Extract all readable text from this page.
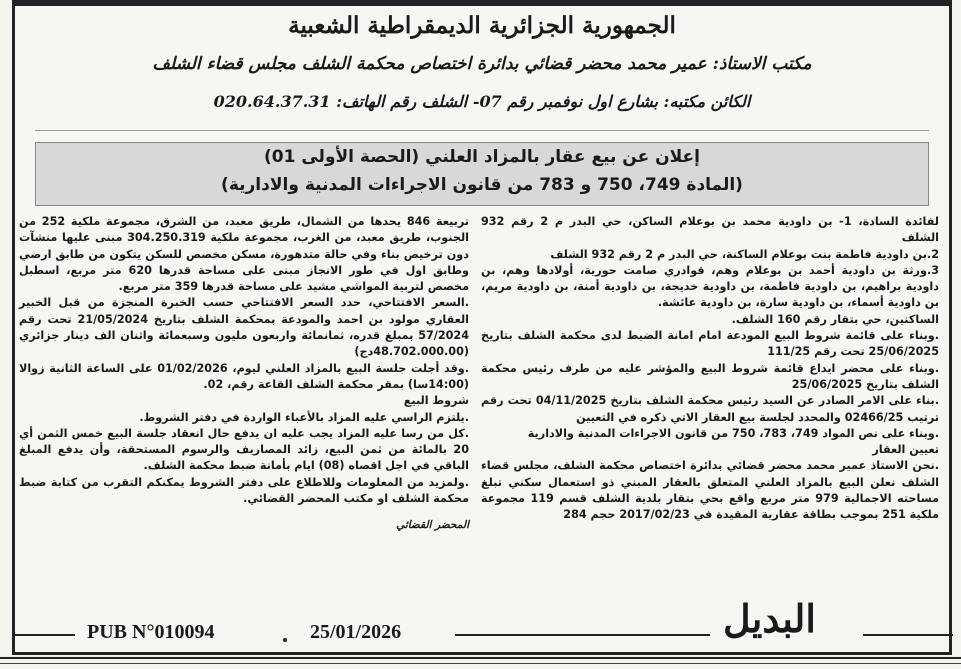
الجمهورية الجزائرية الديمقراطية الشعبية
مكتب الاستاذ: عمير محمد محضر قضائي بدائرة اختصاص محكمة الشلف مجلس قضاء الشلف
الكائن مكتبه: بشارع اول نوفمبر رقم 07- الشلف رقم الهاتف: 020.64.37.31
إعلان عن بيع عقار بالمزاد العلني (الحصة الأولى 01)
(المادة 749، 750 و 783 من قانون الاجراءات المدنية والادارية)

لفائدة السادة، 1- بن داودية محمد بن بوعلام الساكن، حي البدر م 2 رقم 932 الشلف

2.بن داودية فاطمة بنت بوعلام الساكنة، حي البدر م 2 رقم 932 الشلف

3.ورثة بن داودية أحمد بن بوعلام وهم، قوادري صامت حورية، أولادها وهم، بن داودية براهيم، بن داودية فاطمة، بن داودية خديجة، بن داودية أمنة، بن داودية مريم، بن داودية أسماء، بن داودية سارة، بن داودية عائشة.

الساكنين، حي بتقار رقم 160 الشلف.

.وبناء على قائمة شروط البيع المودعة امام امانة الضبط لدى محكمة الشلف بتاريخ 25/06/2025 تحت رقم 111/25

.وبناء على محضر ايداع قائمة شروط البيع والمؤشر عليه من طرف رئيس محكمة الشلف بتاريخ 25/06/2025

.بناء على الامر الصادر عن السيد رئيس محكمة الشلف بتاريخ 04/11/2025 تحت رقم ترتيب 02466/25 والمحدد لجلسة بيع العقار الاتي ذكره في التعيين

.وبناء على نص المواد 749، 783، 750 من قانون الاجراءات المدنية والادارية

تعيين العقار

.نحن الاستاذ عمير محمد محضر قضائي بدائرة اختصاص محكمة الشلف، مجلس قضاء الشلف نعلن البيع بالمزاد العلني المتعلق بالعقار المبني ذو استعمال سكني تبلغ مساحته الاجمالية 979 متر مربع واقع بحي بتقار بلدية الشلف قسم 119 مجموعة ملكية 251 بموجب بطاقة عقارية المقيدة في 2017/02/23 حجم 284

تربيعة 846 يحدها من الشمال، طريق معبد، من الشرق، مجموعة ملكية 252 من الجنوب، طريق معبد، من الغرب، مجموعة ملكية 304.250.319 مبنى عليها منشآت دون ترخيص بناء وفي حالة متدهورة، مسكن مخصص للسكن يتكون من طابق ارضي وطابق اول في طور الانجاز مبنى على مساحة قدرها 620 متر مربع، اسطبل مخصص لتربية المواشي مشيد على مساحة قدرها 359 متر مربع.

.السعر الافتتاحي، حدد السعر الافتتاحي حسب الخبرة المنجزة من قبل الخبير العقاري مولود بن احمد والمودعة بمحكمة الشلف بتاريخ 21/05/2024 تحت رقم 57/2024 بمبلغ قدره، ثمانمائة واربعون مليون وسبعمائة واثنان الف دينار جزائري (48.702.000.00دج)

.وقد أجلت جلسة البيع بالمزاد العلني ليوم، 01/02/2026 على الساعة الثانية زوالا (14:00سا) بمقر محكمة الشلف القاعة رقم، 02.

شروط البيع

.يلتزم الراسي عليه المزاد بالأعباء الواردة في دفتر الشروط.

.كل من رسا عليه المزاد يجب عليه ان يدفع حال انعقاد جلسة البيع خمس الثمن أي 20 بالمائة من ثمن البيع، زائد المصاريف والرسوم المستحقة، وأن يدفع المبلغ الباقي في اجل اقصاه (08) ايام بأمانة ضبط محكمة الشلف.

.ولمزيد من المعلومات وللاطلاع على دفتر الشروط يمكنكم التقرب من كتابة ضبط محكمة الشلف او مكتب المحضر القضائي.

المحضر القضائي

PUB N°010094	25/01/2026	البديل
